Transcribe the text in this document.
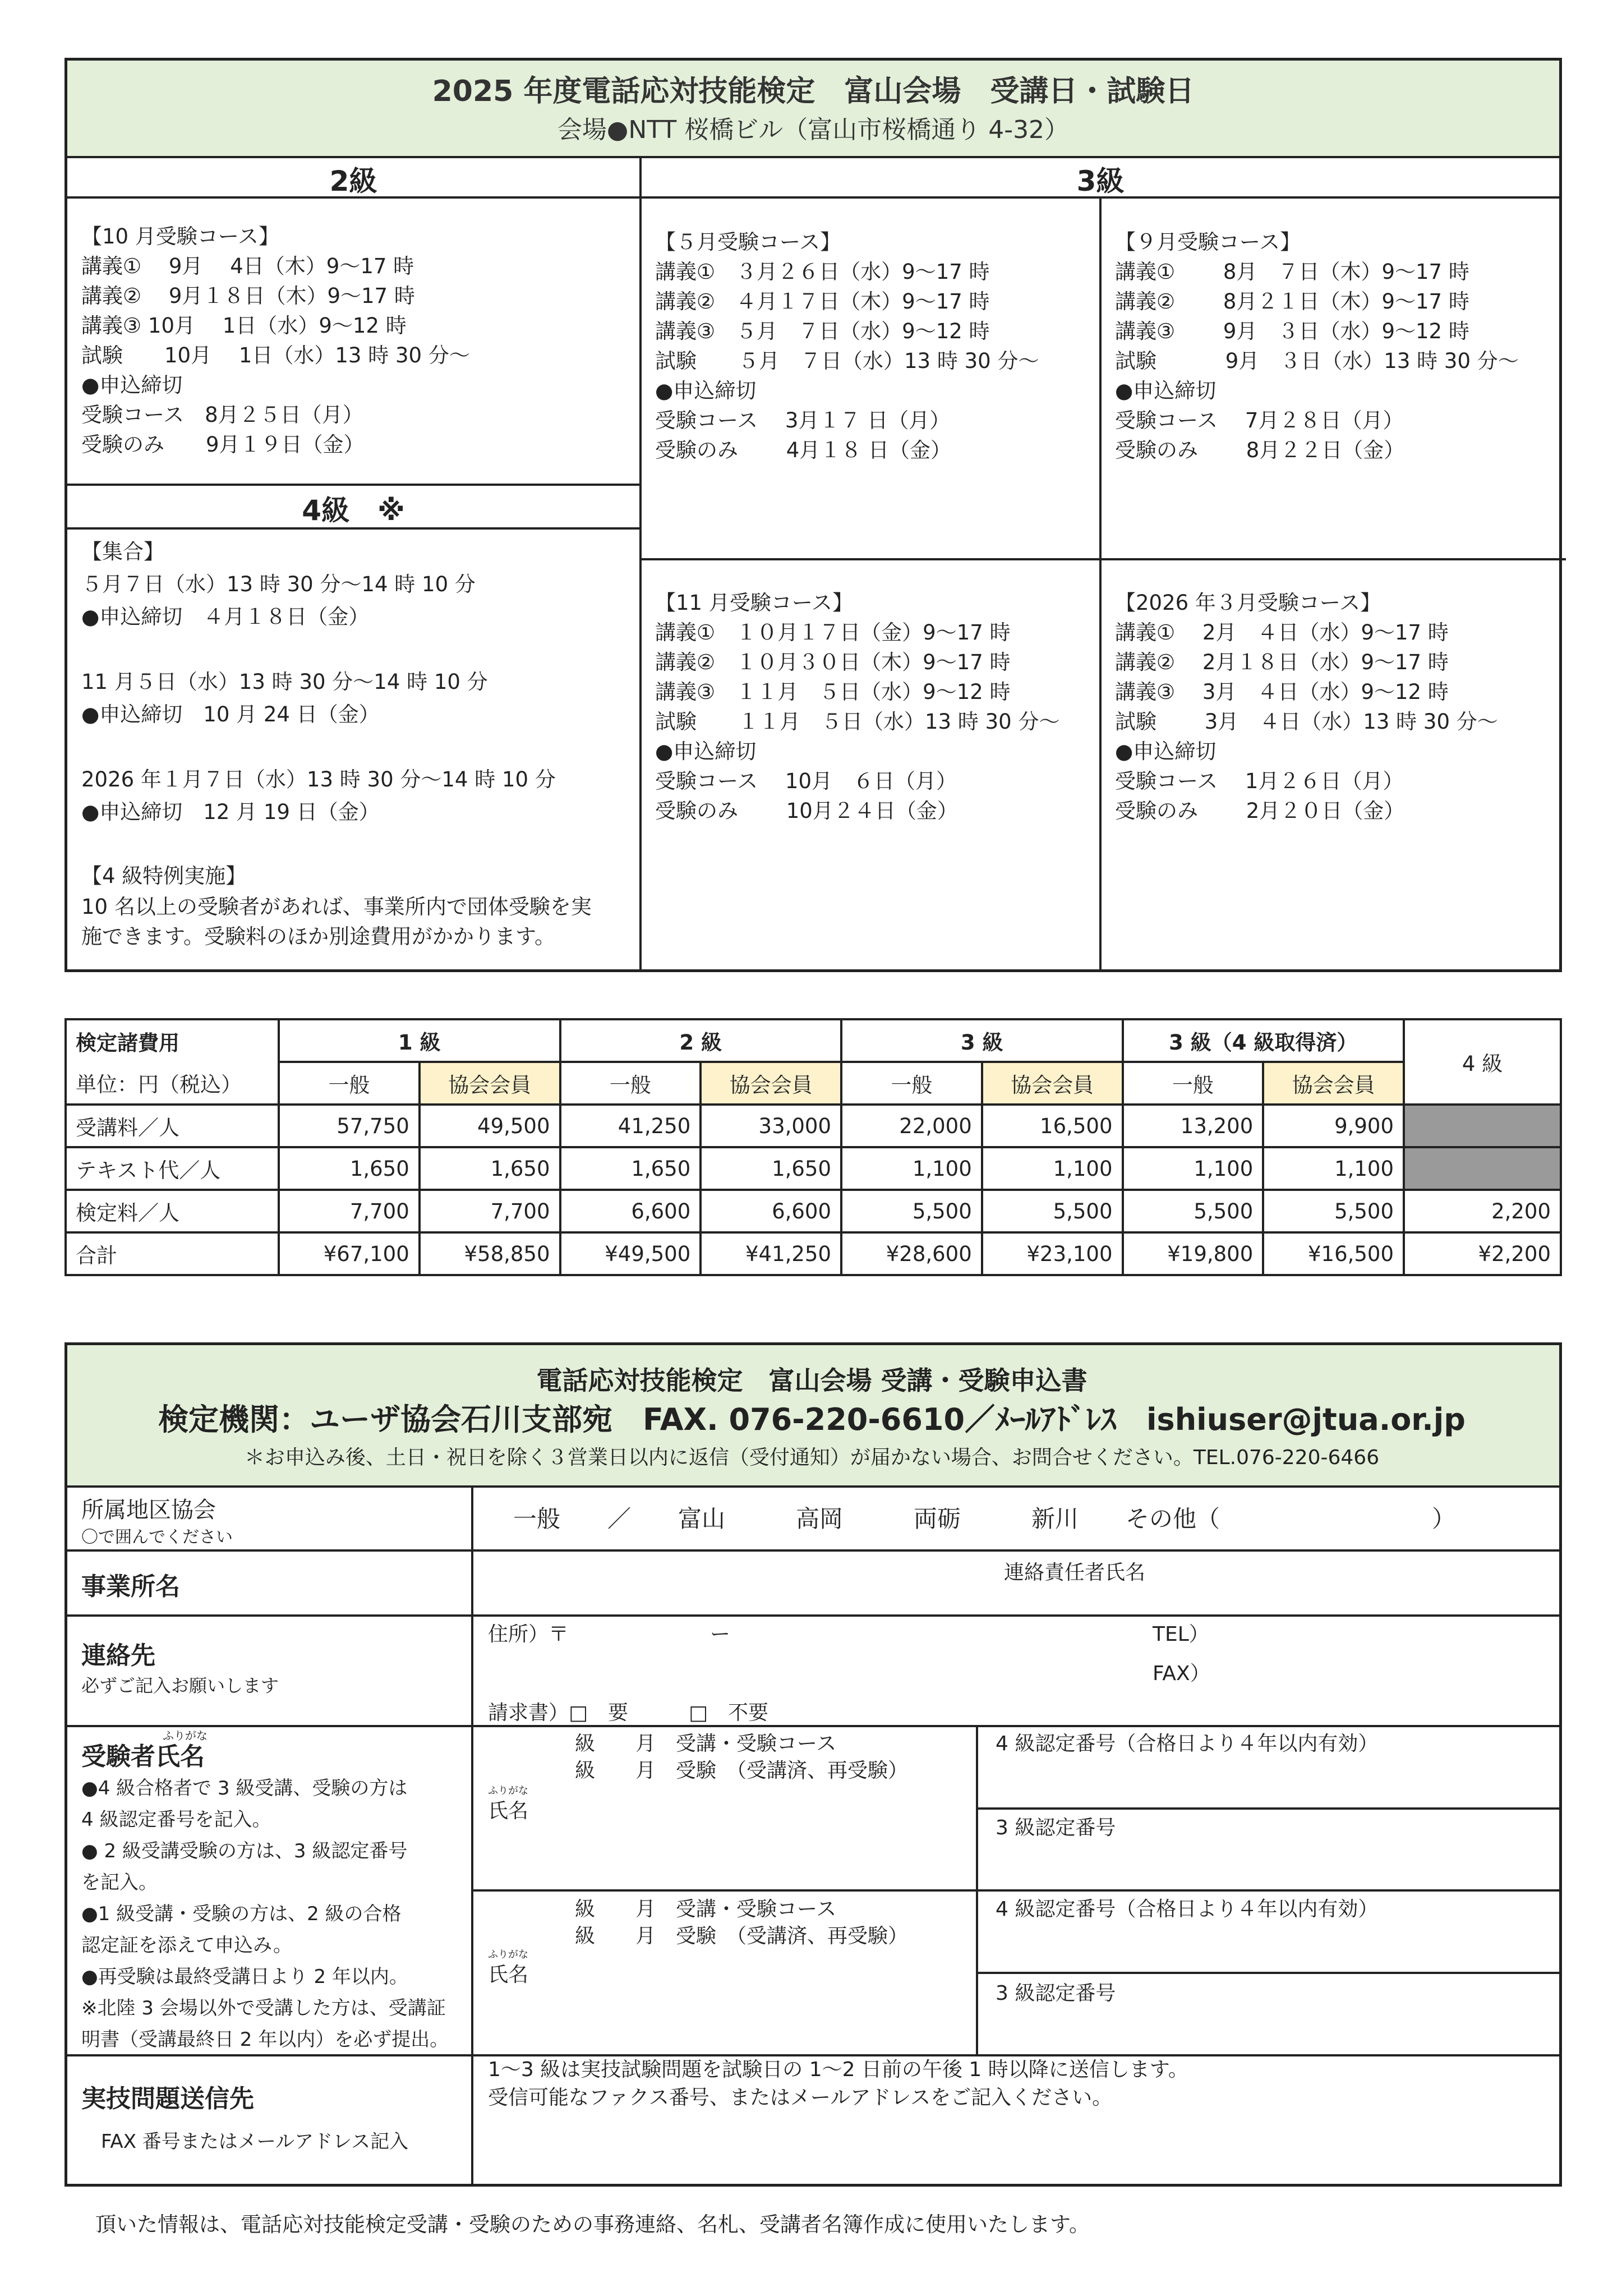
2025 年度電話応対技能検定　富山会場　受講日・試験日
会場●NTT 桜橋ビル（富山市桜橋通り 4-32）
2級	3級
4級　※
【10 月受験コース】
講義①　 9月　 4日（木）9〜17 時
講義②　 9月１８日（木）9〜17 時
講義③ 10月　 1日（水）9〜12 時
試験　　10月　 1日（水）13 時 30 分〜
●申込締切
受験コース　8月２５日（月）
受験のみ　　9月１９日（金）
【５月受験コース】
講義①　３月２６日（水）9〜17 時
講義②　４月１７日（木）9〜17 時
講義③　５月　７日（水）9〜12 時
試験　　５月　７日（水）13 時 30 分〜
●申込締切
受験コース　 3月１７ 日（月）
受験のみ　　 4月１８ 日（金）
【９月受験コース】
講義①　　 8月　７日（木）9〜17 時
講義②　　 8月２１日（木）9〜17 時
講義③　　 9月　３日（水）9〜12 時
試験　　　 9月　３日（水）13 時 30 分〜
●申込締切
受験コース　 7月２８日（月）
受験のみ　　 8月２２日（金）
【11 月受験コース】
講義①　１０月１７日（金）9〜17 時
講義②　１０月３０日（木）9〜17 時
講義③　１１月　５日（水）9〜12 時
試験　　１１月　５日（水）13 時 30 分〜
●申込締切
受験コース　 10月　６日（月）
受験のみ　　 10月２４日（金）
【2026 年３月受験コース】
講義①　 2月　４日（水）9〜17 時
講義②　 2月１８日（水）9〜17 時
講義③　 3月　４日（水）9〜12 時
試験　　 3月　４日（水）13 時 30 分〜
●申込締切
受験コース　 1月２６日（月）
受験のみ　　 2月２０日（金）
【集合】
５月７日（水）13 時 30 分〜14 時 10 分
●申込締切　４月１８日（金）

11 月５日（水）13 時 30 分〜14 時 10 分
●申込締切　10 月 24 日（金）

2026 年１月７日（水）13 時 30 分〜14 時 10 分
●申込締切　12 月 19 日（金）
【4 級特例実施】
10 名以上の受験者があれば、事業所内で団体受験を実
施できます。受験料のほか別途費用がかかります。
検定諸費用	1 級		2 級		3 級		3 級（4 級取得済）		4 級
単位：円（税込）	一般	協会会員	一般	協会会員	一般	協会会員	一般	協会会員	
受講料／人	57,750	49,500	41,250	33,000	22,000	16,500	13,200	9,900	
テキスト代／人	1,650	1,650	1,650	1,650	1,100	1,100	1,100	1,100	
検定料／人	7,700	7,700	6,600	6,600	5,500	5,500	5,500	5,500	2,200
合計	¥67,100	¥58,850	¥49,500	¥41,250	¥28,600	¥23,100	¥19,800	¥16,500	¥2,200
電話応対技能検定　富山会場 受講・受験申込書
検定機関：ユーザ協会石川支部宛　FAX. 076-220-6610／ﾒｰﾙｱﾄﾞﾚｽ　ishiuser@jtua.or.jp
＊お申込み後、土日・祝日を除く３営業日以内に返信（受付通知）が届かない場合、お問合せください。TEL.076-220-6466
所属地区協会
〇で囲んでください
一般　　／　　富山　　　高岡　　　両砺　　　新川　　その他（　　　　　　　　　）
事業所名	連絡責任者氏名
連絡先
必ずご記入お願いします
住所）〒　　　　　　　ー	TEL）
FAX）
請求書）□　要　　　□　不要
ふりがな
受験者氏名
●4 級合格者で 3 級受講、受験の方は
4 級認定番号を記入。
● 2 級受講受験の方は、3 級認定番号
を記入。
●1 級受講・受験の方は、2 級の合格
認定証を添えて申込み。
●再受験は最終受講日より 2 年以内。
※北陸 3 会場以外で受講した方は、受講証
明書（受講最終日 2 年以内）を必ず提出。
級　　月　受講・受験コース
級　　月　受験　（受講済、再受験）
ふりがな
氏名
4 級認定番号（合格日より４年以内有効）
3 級認定番号
級　　月　受講・受験コース
級　　月　受験　（受講済、再受験）
ふりがな
氏名
4 級認定番号（合格日より４年以内有効）
3 級認定番号
実技問題送信先
FAX 番号またはメールアドレス記入
1〜3 級は実技試験問題を試験日の 1〜2 日前の午後 1 時以降に送信します。
受信可能なファクス番号、またはメールアドレスをご記入ください。
頂いた情報は、電話応対技能検定受講・受験のための事務連絡、名札、受講者名簿作成に使用いたします。
